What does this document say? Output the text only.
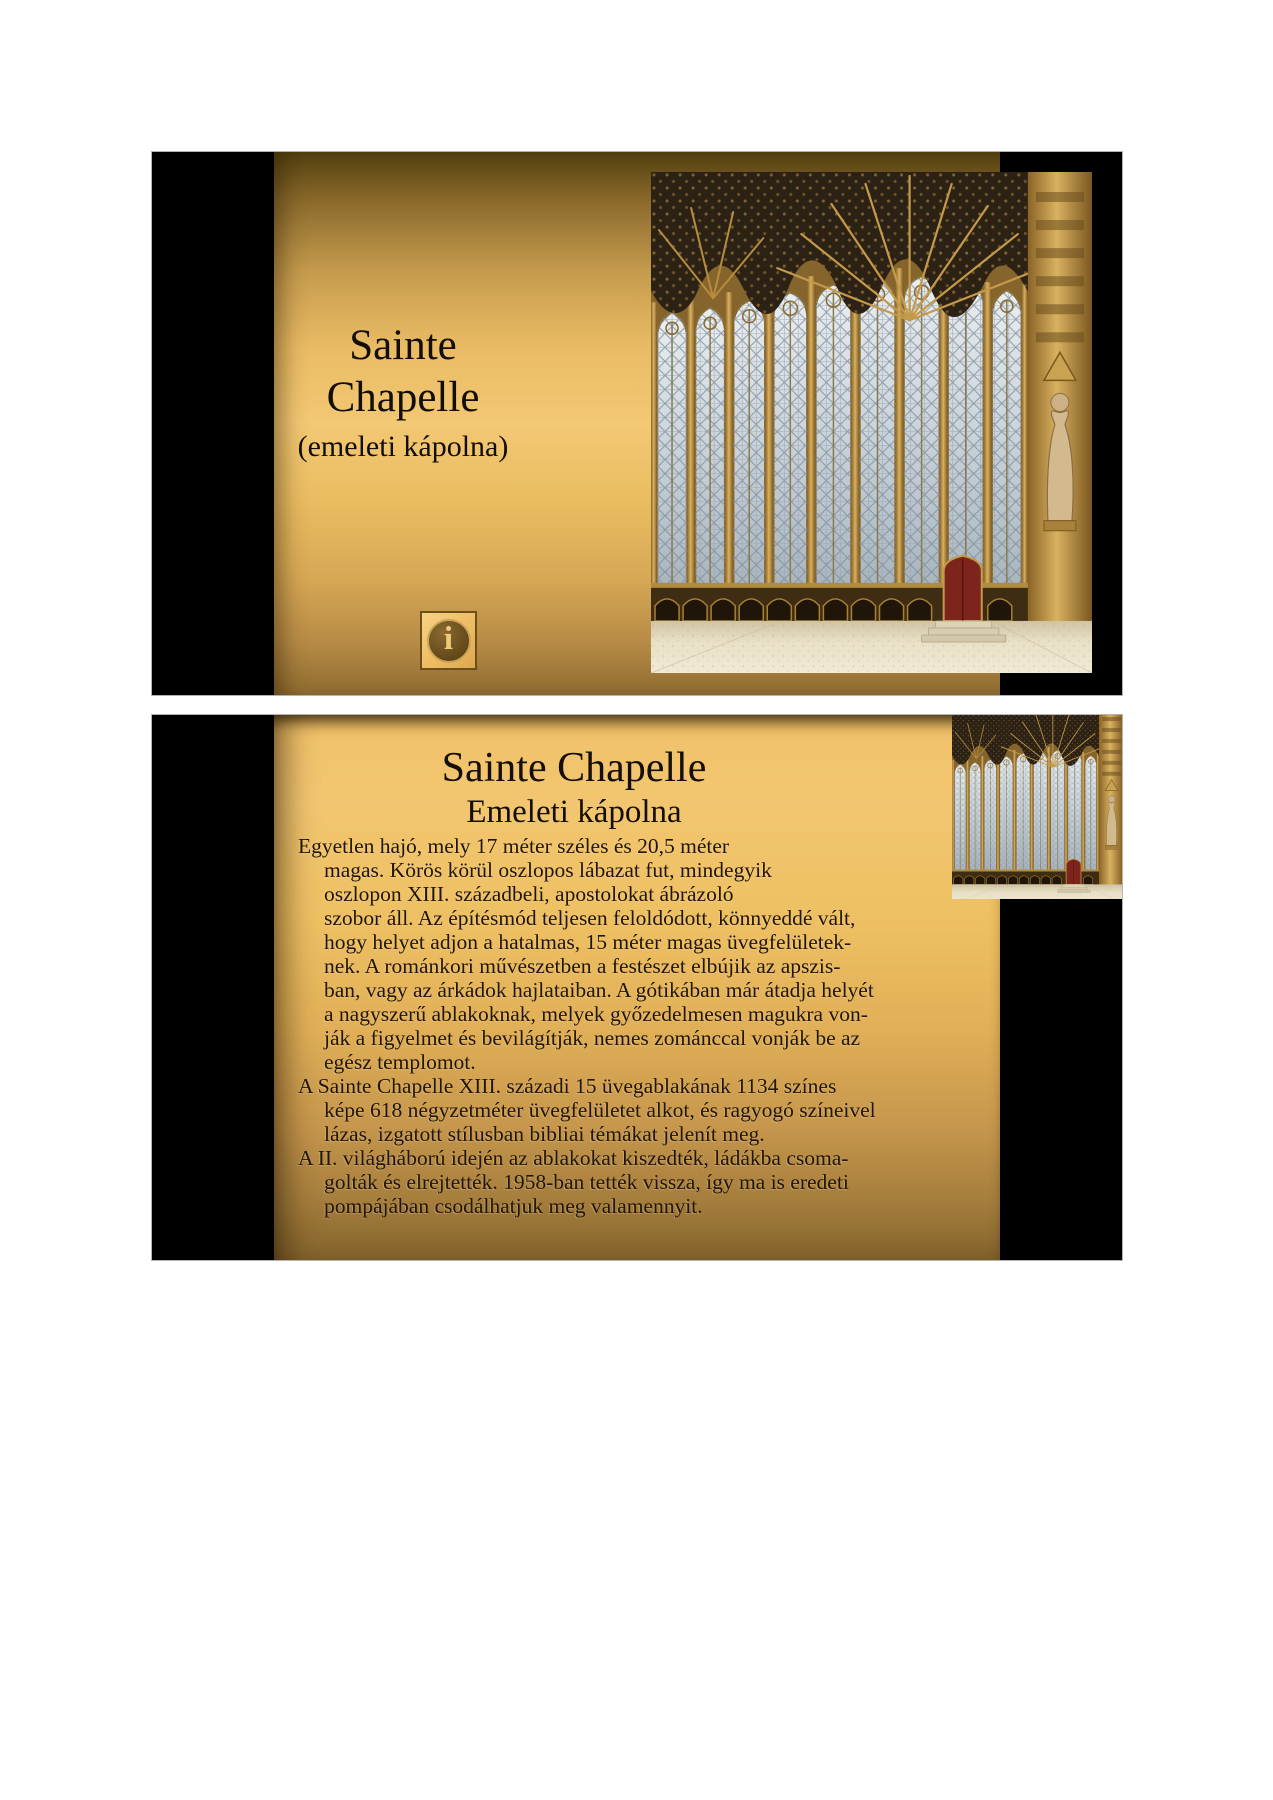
Sainte
Chapelle
(emeleti kápolna)
i
Sainte Chapelle
Emeleti kápolna
Egyetlen hajó, mely 17 méter széles és 20,5 méter
magas. Körös körül oszlopos lábazat fut, mindegyik
oszlopon XIII. századbeli, apostolokat ábrázoló
szobor áll. Az építésmód teljesen feloldódott, könnyeddé vált,
hogy helyet adjon a hatalmas, 15 méter magas üvegfelületek-
nek. A románkori művészetben a festészet elbújik az apszis-
ban, vagy az árkádok hajlataiban. A gótikában már átadja helyét
a nagyszerű ablakoknak, melyek győzedelmesen magukra von-
ják a figyelmet és bevilágítják, nemes zománccal vonják be az
egész templomot.
A Sainte Chapelle XIII. századi 15 üvegablakának 1134 színes
képe 618 négyzetméter üvegfelületet alkot, és ragyogó színeivel
lázas, izgatott stílusban bibliai témákat jelenít meg.
A II. világháború idején az ablakokat kiszedték, ládákba csoma-
golták és elrejtették. 1958-ban tették vissza, így ma is eredeti
pompájában csodálhatjuk meg valamennyit.
